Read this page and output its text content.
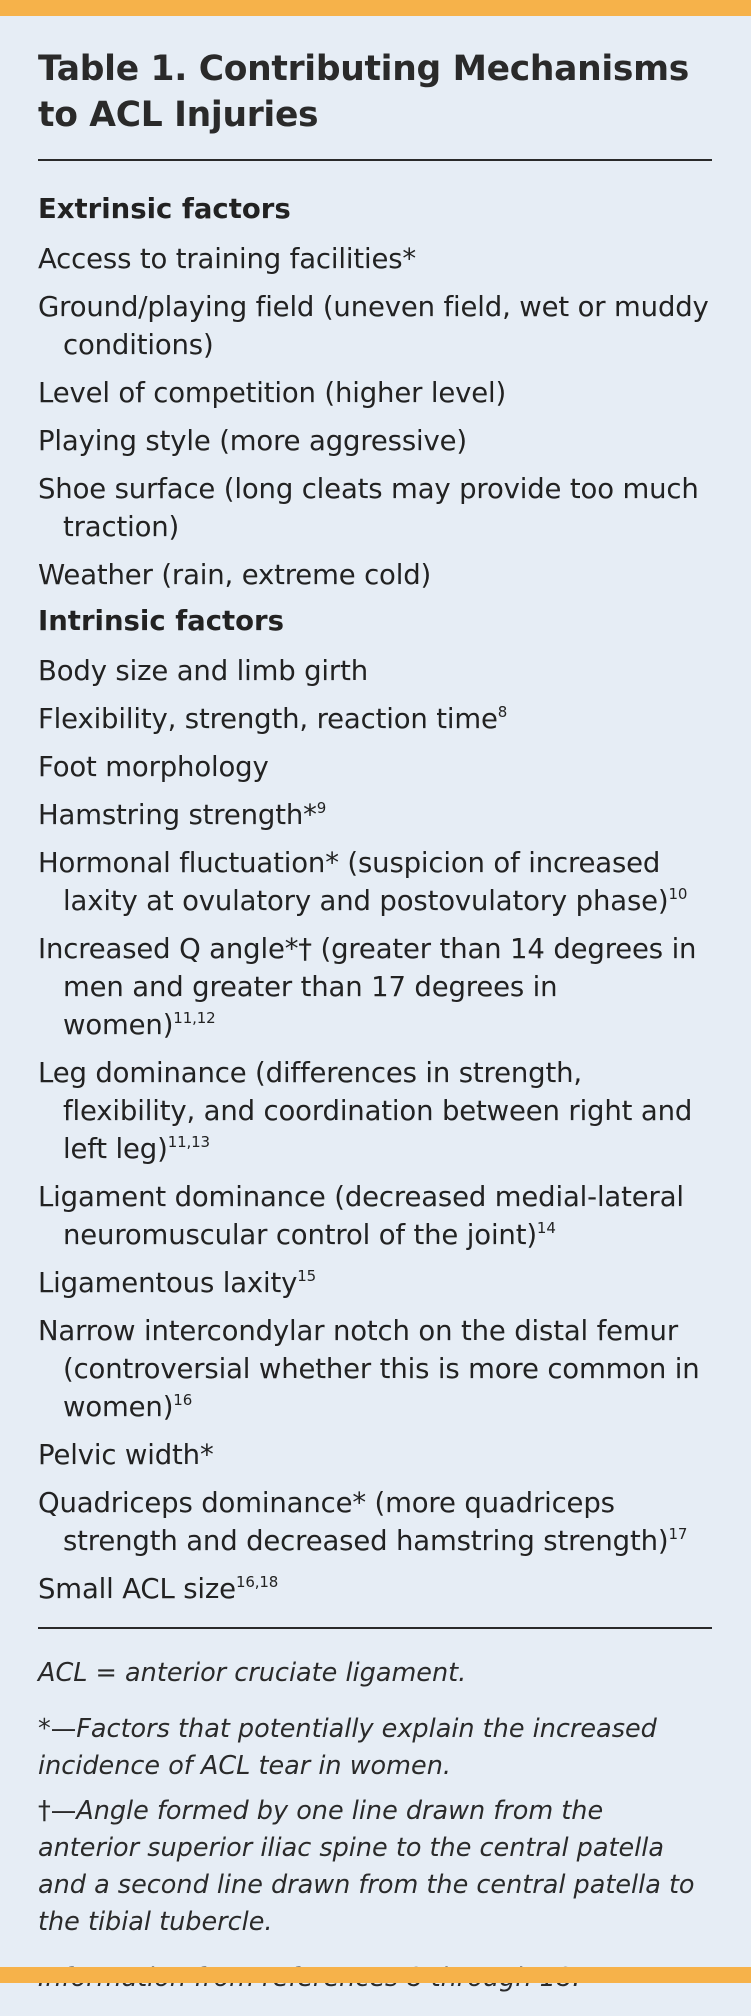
Table 1. Contributing Mechanisms
to ACL Injuries
Extrinsic factors
Access to training facilities*
Ground/playing field (uneven field, wet or muddy conditions)
Level of competition (higher level)
Playing style (more aggressive)
Shoe surface (long cleats may provide too much traction)
Weather (rain, extreme cold)
Intrinsic factors
Body size and limb girth
Flexibility, strength, reaction time$^8$
Foot morphology
Hamstring strength*$^9$
Hormonal fluctuation* (suspicion of increased laxity at ovulatory and postovulatory phase)$^{10}$
Increased Q angle*† (greater than 14 degrees in men and greater than 17 degrees in women)$^{11,12}$
Leg dominance (differences in strength, flexibility, and coordination between right and left leg)$^{11,13}$
Ligament dominance (decreased medial-lateral neuromuscular control of the joint)$^{14}$
Ligamentous laxity$^{15}$
Narrow intercondylar notch on the distal femur (controversial whether this is more common in women)$^{16}$
Pelvic width*
Quadriceps dominance* (more quadriceps strength and decreased hamstring strength)$^{17}$
Small ACL size$^{16,18}$

ACL = anterior cruciate ligament.

*—Factors that potentially explain the increased incidence of ACL tear in women.

†—Angle formed by one line drawn from the anterior superior iliac spine to the central patella and a second line drawn from the central patella to the tibial tubercle.
